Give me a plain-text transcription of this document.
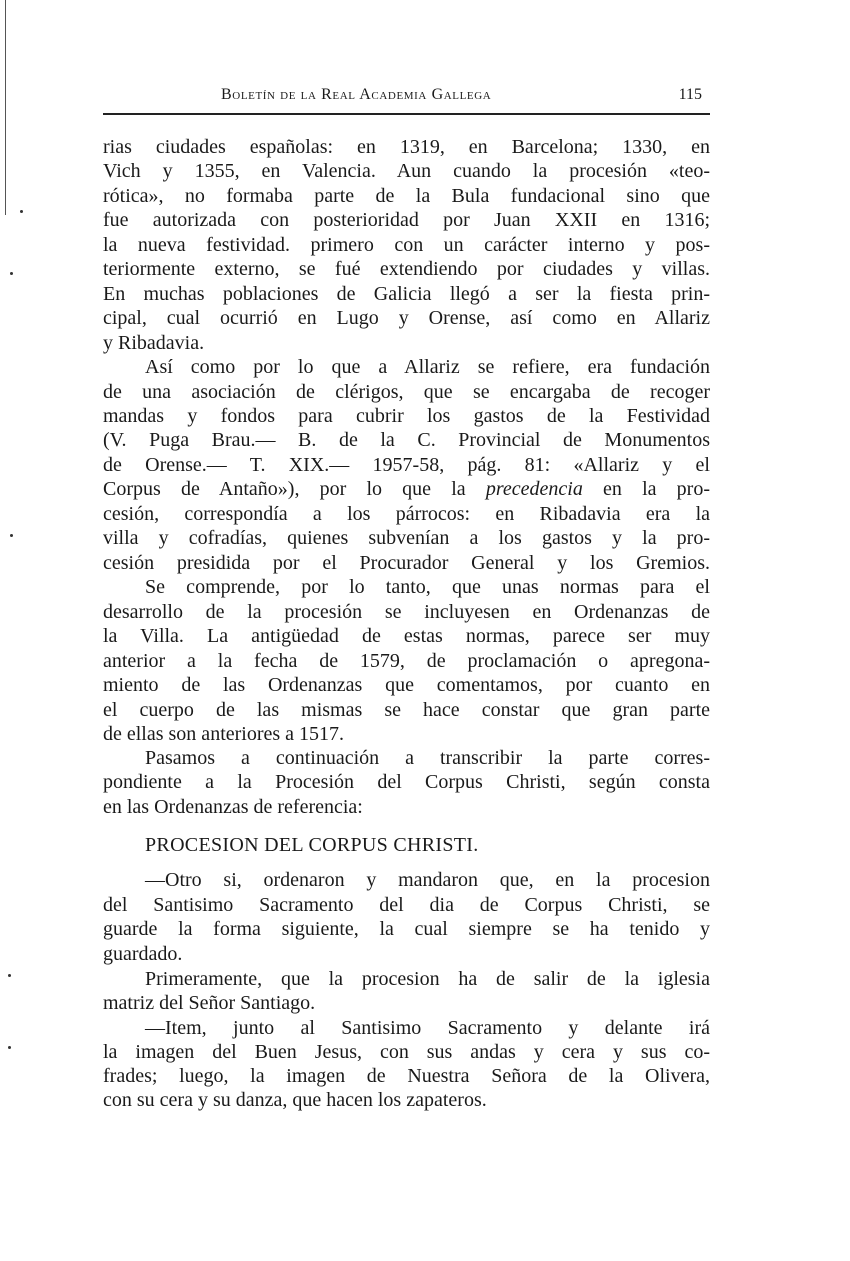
Boletín de la Real Academia Gallega	115
rias ciudades españolas: en 1319, en Barcelona; 1330, en
Vich y 1355, en Valencia. Aun cuando la procesión «teo-
rótica», no formaba parte de la Bula fundacional sino que
fue autorizada con posterioridad por Juan XXII en 1316;
la nueva festividad. primero con un carácter interno y pos-
teriormente externo, se fué extendiendo por ciudades y villas.
En muchas poblaciones de Galicia llegó a ser la fiesta prin-
cipal, cual ocurrió en Lugo y Orense, así como en Allariz
y Ribadavia.
Así como por lo que a Allariz se refiere, era fundación
de una asociación de clérigos, que se encargaba de recoger
mandas y fondos para cubrir los gastos de la Festividad
(V. Puga Brau.— B. de la C. Provincial de Monumentos
de Orense.— T. XIX.— 1957-58, pág. 81: «Allariz y el
Corpus de Antaño»), por lo que la precedencia en la pro-
cesión, correspondía a los párrocos: en Ribadavia era la
villa y cofradías, quienes subvenían a los gastos y la pro-
cesión presidida por el Procurador General y los Gremios.
Se comprende, por lo tanto, que unas normas para el
desarrollo de la procesión se incluyesen en Ordenanzas de
la Villa. La antigüedad de estas normas, parece ser muy
anterior a la fecha de 1579, de proclamación o apregona-
miento de las Ordenanzas que comentamos, por cuanto en
el cuerpo de las mismas se hace constar que gran parte
de ellas son anteriores a 1517.
Pasamos a continuación a transcribir la parte corres-
pondiente a la Procesión del Corpus Christi, según consta
en las Ordenanzas de referencia:
PROCESION DEL CORPUS CHRISTI.
—Otro si, ordenaron y mandaron que, en la procesion
del Santisimo Sacramento del dia de Corpus Christi, se
guarde la forma siguiente, la cual siempre se ha tenido y
guardado.
Primeramente, que la procesion ha de salir de la iglesia
matriz del Señor Santiago.
—Item, junto al Santisimo Sacramento y delante irá
la imagen del Buen Jesus, con sus andas y cera y sus co-
frades; luego, la imagen de Nuestra Señora de la Olivera,
con su cera y su danza, que hacen los zapateros.
